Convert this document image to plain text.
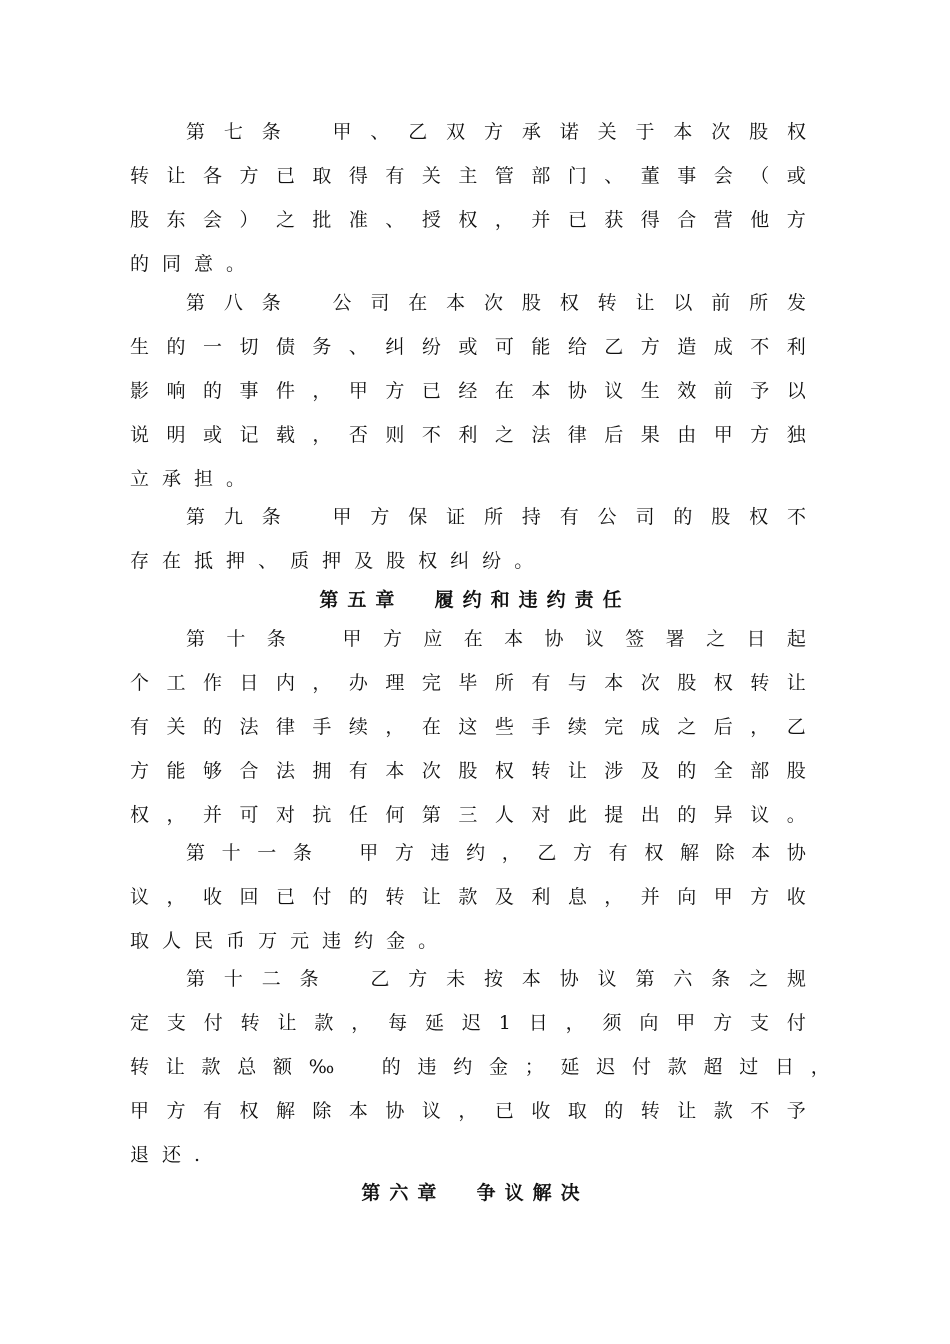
第 七 条	甲 、 乙 双 方 承 诺 关 于 本 次 股 权
转 让 各 方 已 取 得 有 关 主 管 部 门 、 董 事 会 （ 或
股 东 会 ） 之 批 准 、 授 权 ， 并 已 获 得 合 营 他 方
的 同 意 。
第 八 条	公 司 在 本 次 股 权 转 让 以 前 所 发
生 的 一 切 债 务 、 纠 纷 或 可 能 给 乙 方 造 成 不 利
影 响 的 事 件 ， 甲 方 已 经 在 本 协 议 生 效 前 予 以
说 明 或 记 载 ， 否 则 不 利 之 法 律 后 果 由 甲 方 独
立 承 担 。
第 九 条	甲 方 保 证 所 持 有 公 司 的 股 权 不
存 在 抵 押 、 质 押 及 股 权 纠 纷 。
第五章  履约和违约责任
第 十 条	甲 方 应 在 本 协 议 签 署 之 日 起
个 工 作 日 内 ， 办 理 完 毕 所 有 与 本 次 股 权 转 让
有 关 的 法 律 手 续 ， 在 这 些 手 续 完 成 之 后 ， 乙
方 能 够 合 法 拥 有 本 次 股 权 转 让 涉 及 的 全 部 股
权 ， 并 可 对 抗 任 何 第 三 人 对 此 提 出 的 异 议 。
第 十 一 条 甲 方 违 约 ， 乙 方 有 权 解 除 本 协
议 ， 收 回 已 付 的 转 让 款 及 利 息 ， 并 向 甲 方 收
取 人 民 币 万 元 违 约 金 。
第 十 二 条	乙 方 未 按 本 协 议 第 六 条 之 规
定 支 付 转 让 款 ， 每 延 迟 1 日 ， 须 向 甲 方 支 付
转 让 款 总 额 ‰ 的 违 约 金 ； 延 迟 付 款 超 过 日 ，
甲 方 有 权 解 除 本 协 议 ， 已 收 取 的 转 让 款 不 予
退 还 .
第六章  争议解决
